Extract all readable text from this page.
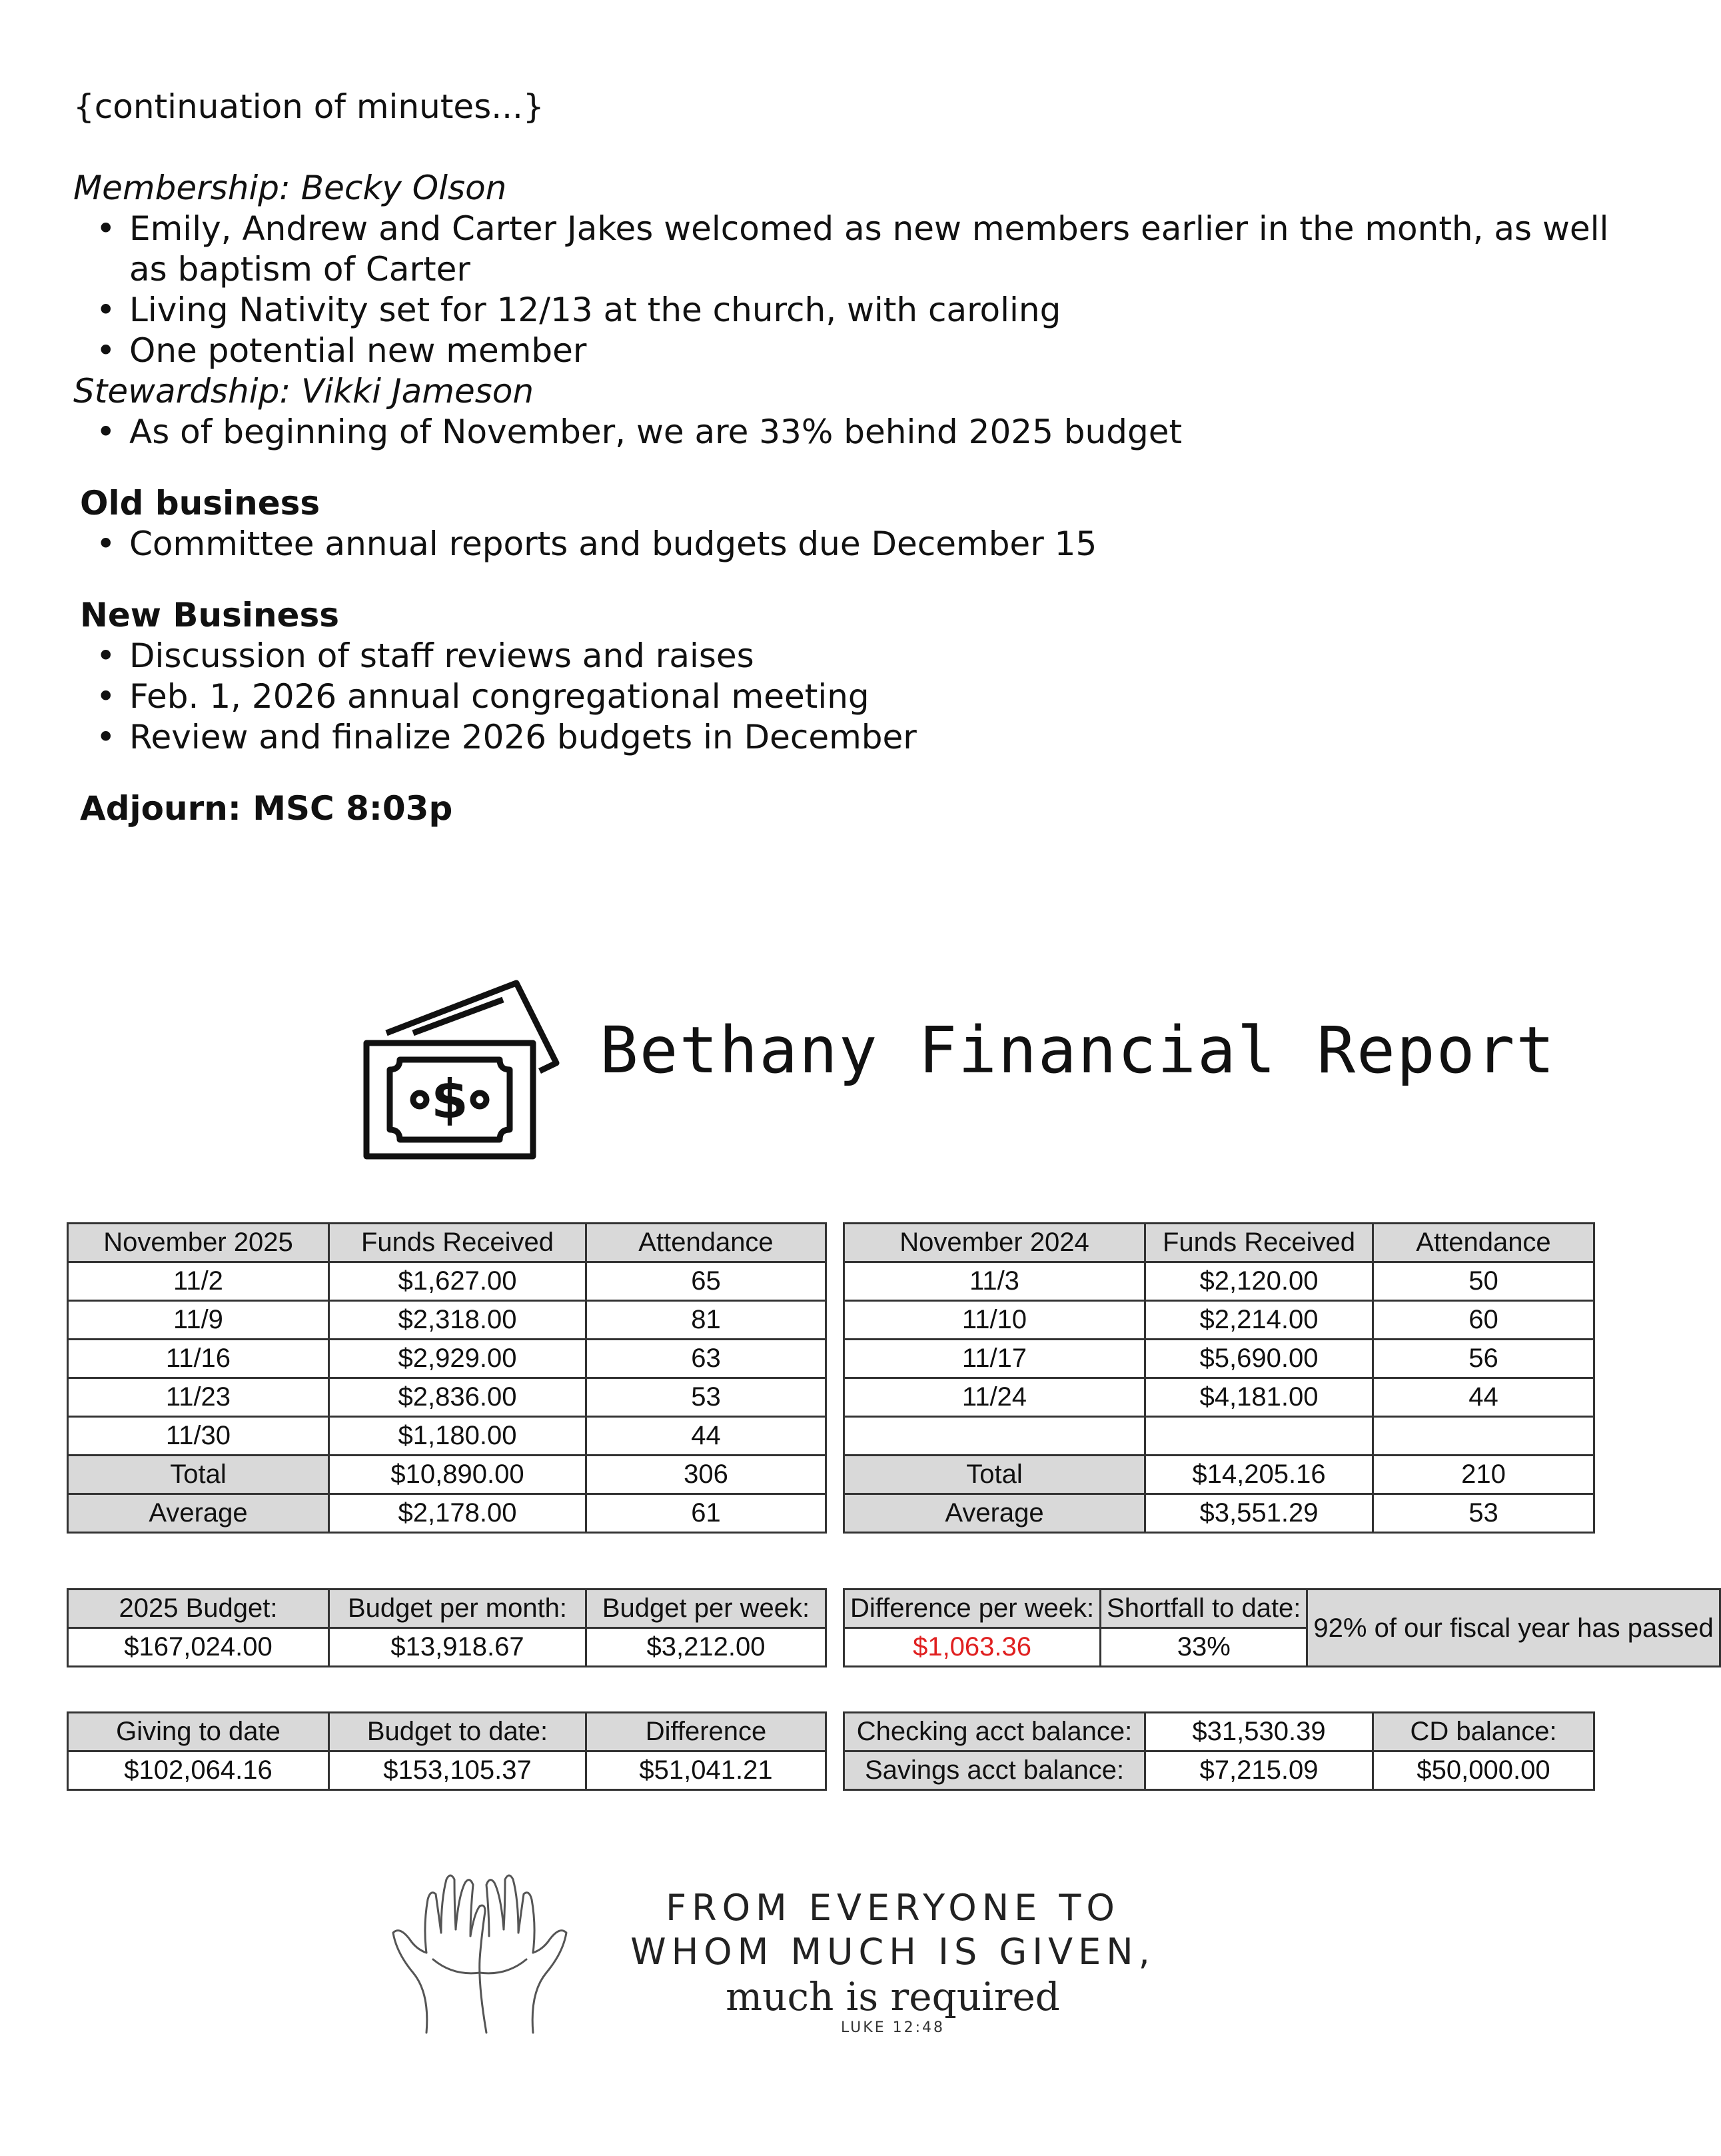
{continuation of minutes...}

Membership: Becky Olson

• Emily, Andrew and Carter Jakes welcomed as new members earlier in the month, as well as baptism of Carter
• Living Nativity set for 12/13 at the church, with caroling
• One potential new member

Stewardship: Vikki Jameson

• As of beginning of November, we are 33% behind 2025 budget

Old business

• Committee annual reports and budgets due December 15

New Business

• Discussion of staff reviews and raises
• Feb. 1, 2026 annual congregational meeting
• Review and finalize 2026 budgets in December

Adjourn: MSC 8:03p

$
Bethany Financial Report
November 2025	Funds Received	Attendance
11/2	$1,627.00	65
11/9	$2,318.00	81
11/16	$2,929.00	63
11/23	$2,836.00	53
11/30	$1,180.00	44
Total	$10,890.00	306
Average	$2,178.00	61
November 2024	Funds Received	Attendance
11/3	$2,120.00	50
11/10	$2,214.00	60
11/17	$5,690.00	56
11/24	$4,181.00	44

Total	$14,205.16	210
Average	$3,551.29	53
2025 Budget:	Budget per month:	Budget per week:
$167,024.00	$13,918.67	$3,212.00
Difference per week:	Shortfall to date:	92% of our fiscal year has passed
$1,063.36	33%	
Giving to date	Budget to date:	Difference
$102,064.16	$153,105.37	$51,041.21
Checking acct balance:	$31,530.39	CD balance:
Savings acct balance:	$7,215.09	$50,000.00
FROM EVERYONE TO
WHOM MUCH IS GIVEN,
much is required
LUKE 12:48
